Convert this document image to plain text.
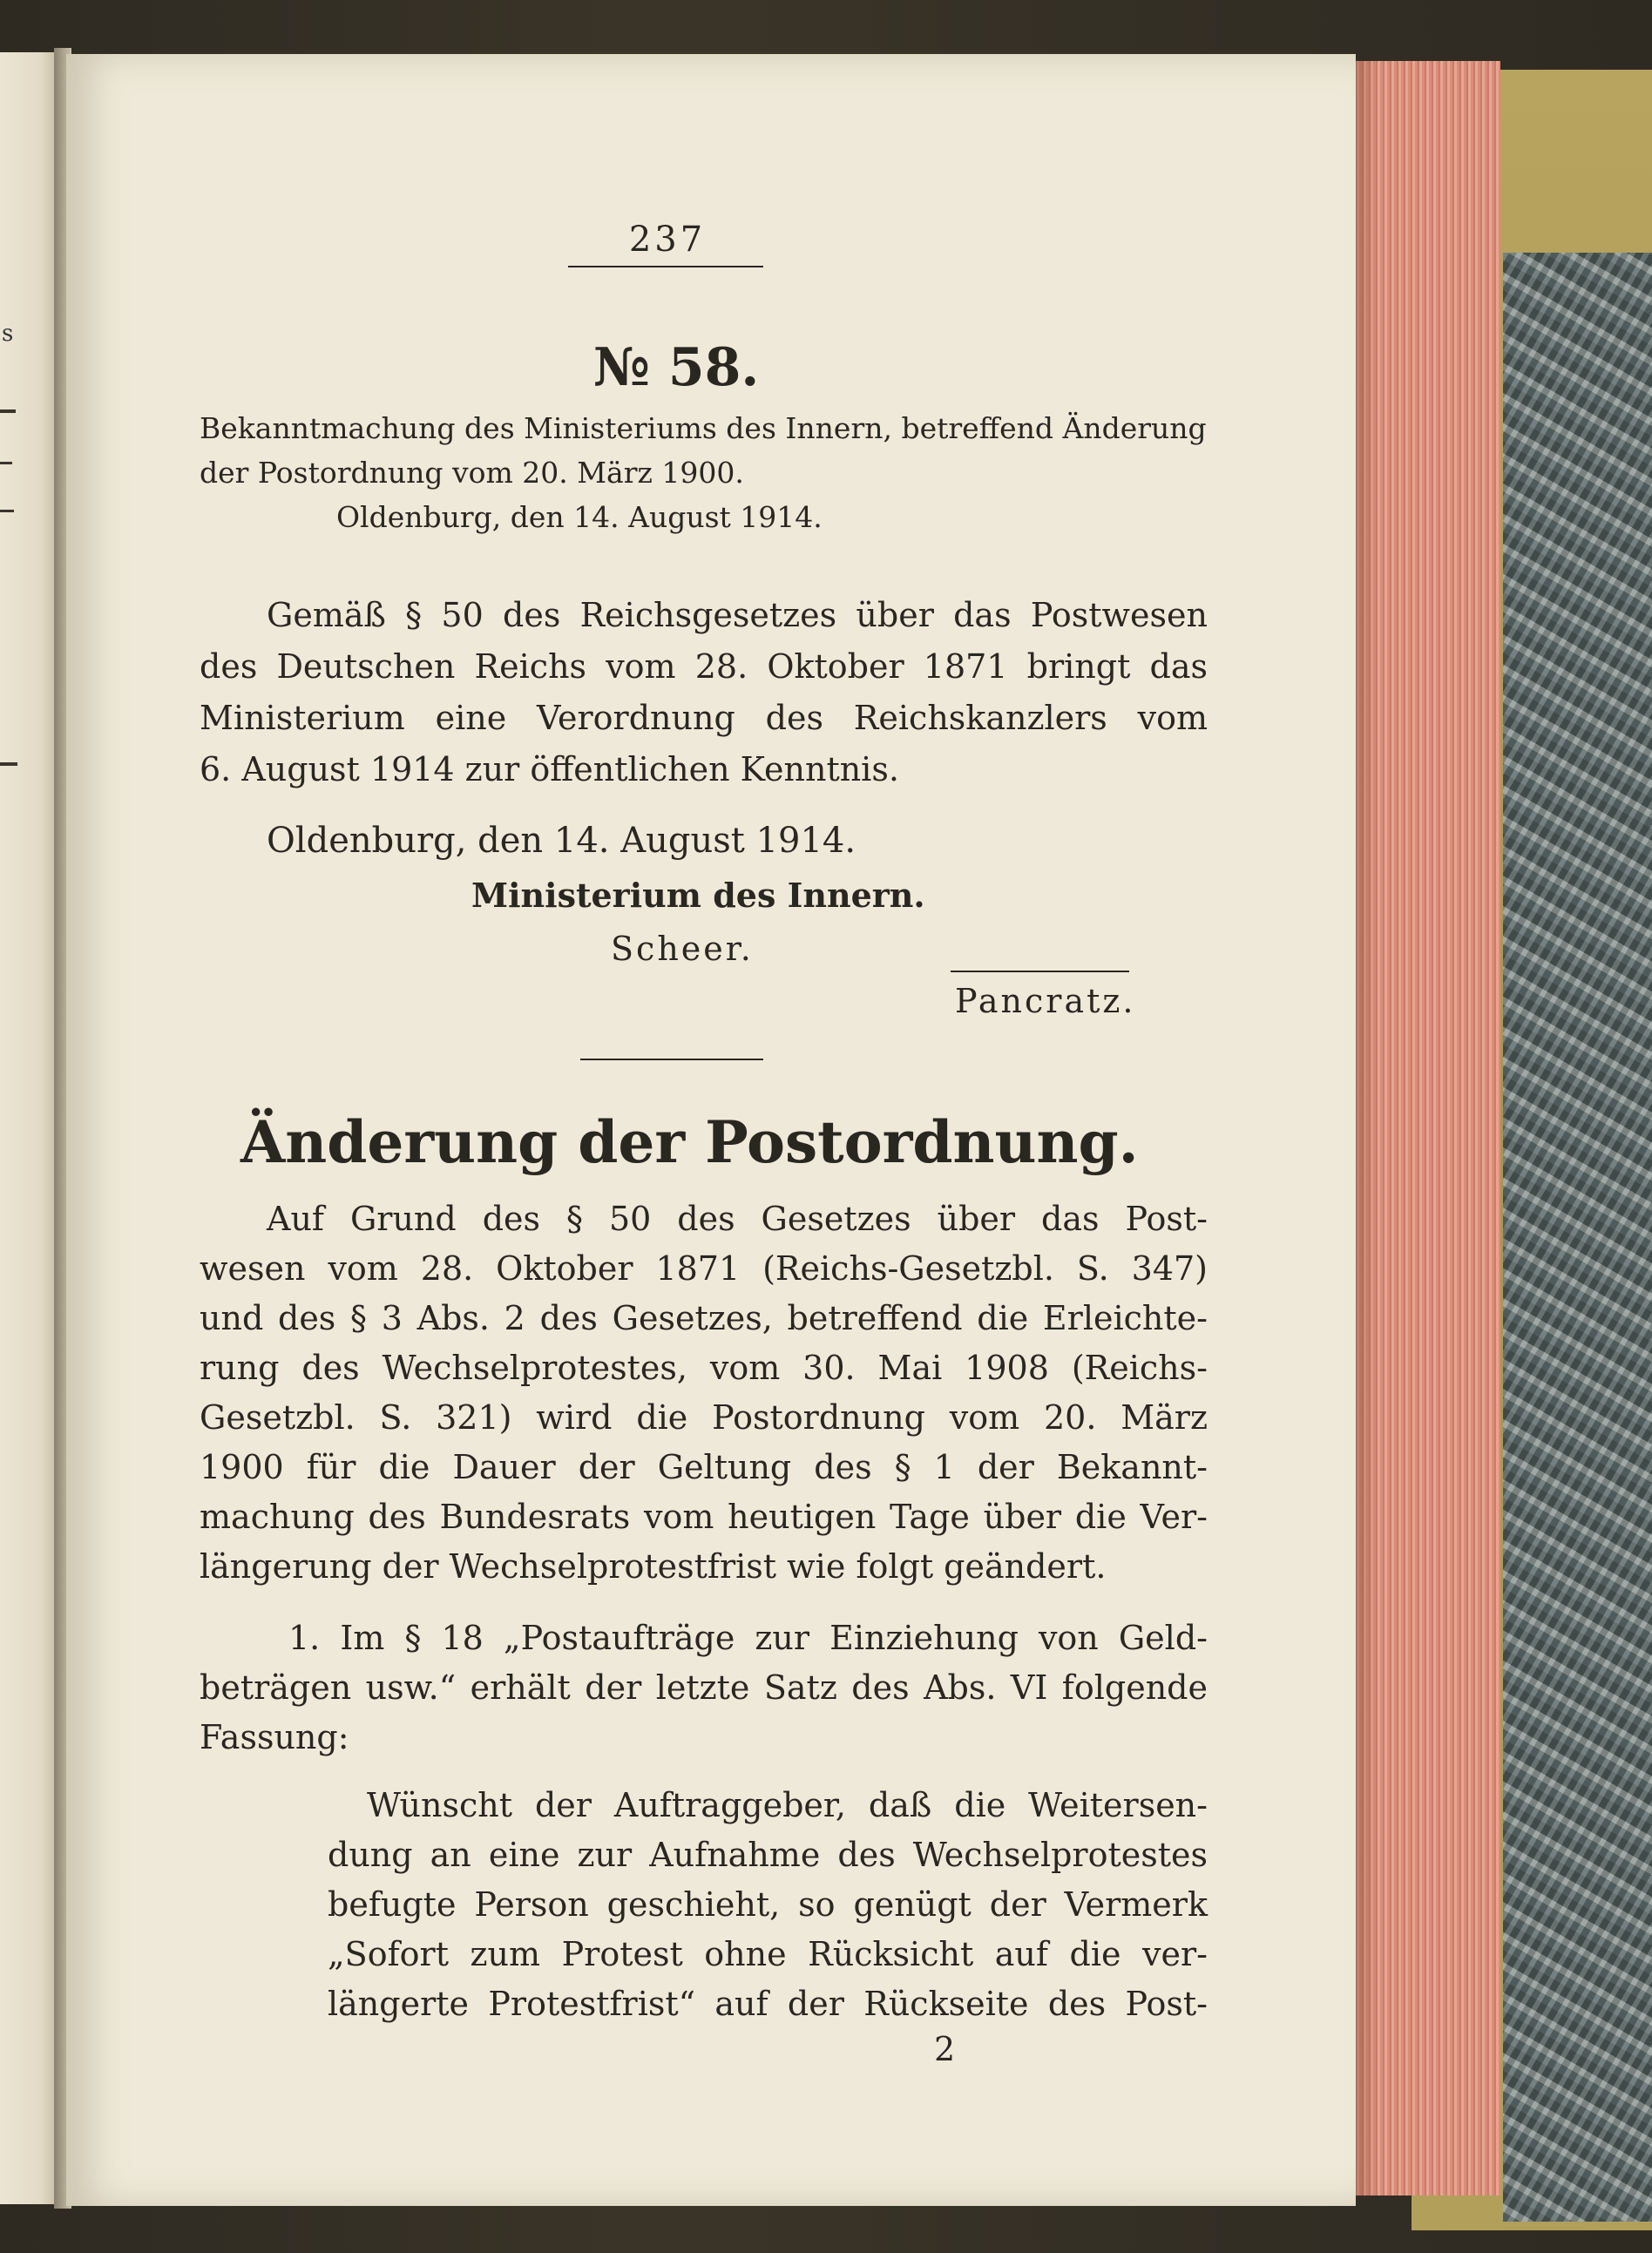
s
237
№ 58.
Bekanntmachung des Ministeriums des Innern, betreffend Änderung
der Postordnung vom 20. März 1900.
Oldenburg, den 14. August 1914.
Gemäß § 50 des Reichsgesetzes über das Postwesen
des Deutschen Reichs vom 28. Oktober 1871 bringt das
Ministerium eine Verordnung des Reichskanzlers vom
6. August 1914 zur öffentlichen Kenntnis.
Oldenburg, den 14. August 1914.
Ministerium des Innern.
Scheer.
Pancratz.
Änderung der Postordnung.
Auf Grund des § 50 des Gesetzes über das Post-
wesen vom 28. Oktober 1871 (Reichs-Gesetzbl. S. 347)
und des § 3 Abs. 2 des Gesetzes, betreffend die Erleichte-
rung des Wechselprotestes, vom 30. Mai 1908 (Reichs-
Gesetzbl. S. 321) wird die Postordnung vom 20. März
1900 für die Dauer der Geltung des § 1 der Bekannt-
machung des Bundesrats vom heutigen Tage über die Ver-
längerung der Wechselprotestfrist wie folgt geändert.
1. Im § 18 „Postaufträge zur Einziehung von Geld-
beträgen usw.“ erhält der letzte Satz des Abs. VI folgende
Fassung:
Wünscht der Auftraggeber, daß die Weitersen-
dung an eine zur Aufnahme des Wechselprotestes
befugte Person geschieht, so genügt der Vermerk
„Sofort zum Protest ohne Rücksicht auf die ver-
längerte Protestfrist“ auf der Rückseite des Post-
2
